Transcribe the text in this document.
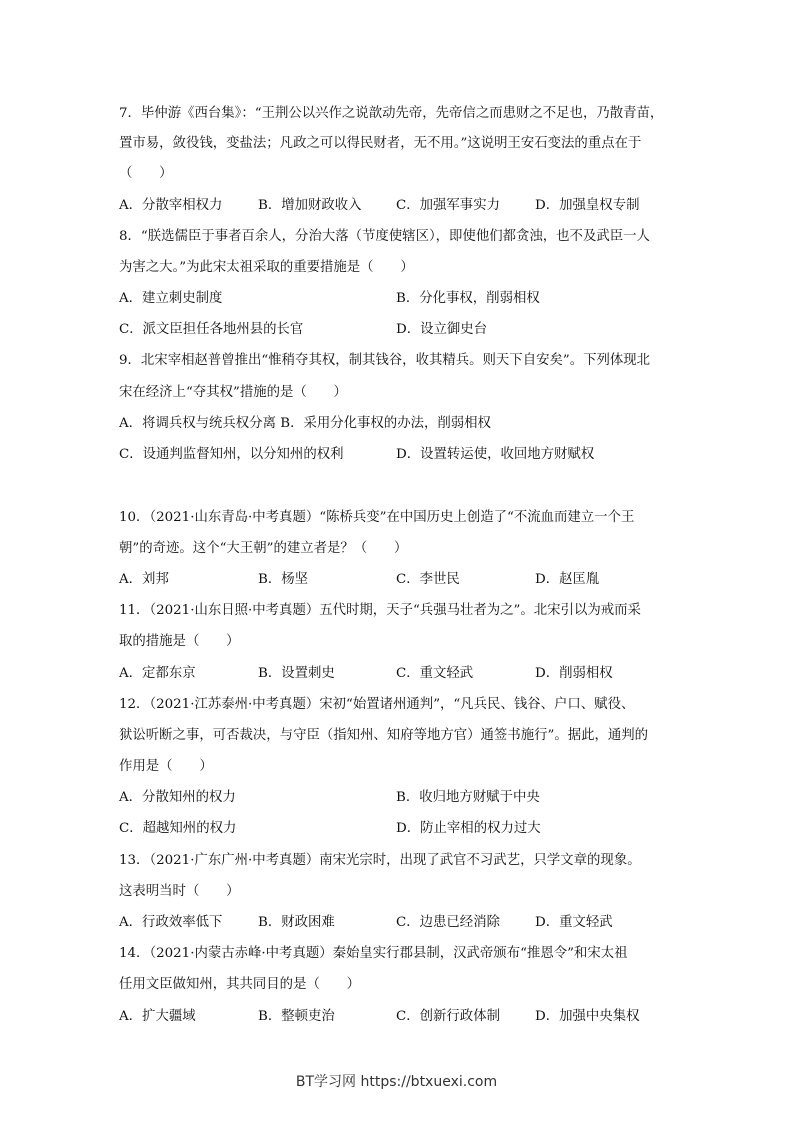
7．毕仲游《西台集》：“王荆公以兴作之说歆动先帝，先帝信之而患财之不足也，乃散青苗，
置市易，敛役钱，变盐法；凡政之可以得民财者，无不用。”这说明王安石变法的重点在于
（　　）
A．分散宰相权力	B．增加财政收入	C．加强军事实力	D．加强皇权专制
8．“朕选儒臣于事者百余人，分治大落（节度使辖区），即使他们都贪浊，也不及武臣一人
为害之大。”为此宋太祖采取的重要措施是（　　）
A．建立刺史制度	B．分化事权，削弱相权
C．派文臣担任各地州县的长官	D．设立御史台
9．北宋宰相赵普曾推出“惟稍夺其权，制其钱谷，收其精兵。则天下自安矣”。下列体现北
宋在经济上“夺其权”措施的是（　　）
A．将调兵权与统兵权分离 B．采用分化事权的办法，削弱相权
C．设通判监督知州，以分知州的权利	D．设置转运使，收回地方财赋权
10．（2021·山东青岛·中考真题）“陈桥兵变”在中国历史上创造了“不流血而建立一个王
朝”的奇迹。这个“大王朝”的建立者是？（　　）
A．刘邦	B．杨坚	C．李世民	D．赵匡胤
11．（2021·山东日照·中考真题）五代时期，天子“兵强马壮者为之”。北宋引以为戒而采
取的措施是（　　）
A．定都东京	B．设置刺史	C．重文轻武	D．削弱相权
12．（2021·江苏泰州·中考真题）宋初“始置诸州通判”，“凡兵民、钱谷、户口、赋役、
狱讼听断之事，可否裁决，与守臣（指知州、知府等地方官）通签书施行”。据此，通判的
作用是（　　）
A．分散知州的权力	B．收归地方财赋于中央
C．超越知州的权力	D．防止宰相的权力过大
13．（2021·广东广州·中考真题）南宋光宗时，出现了武官不习武艺，只学文章的现象。
这表明当时（　　）
A．行政效率低下	B．财政困难	C．边患已经消除	D．重文轻武
14．（2021·内蒙古赤峰·中考真题）秦始皇实行郡县制，汉武帝颁布“推恩令”和宋太祖
任用文臣做知州，其共同目的是（　　）
A．扩大疆域	B．整顿吏治	C．创新行政体制	D．加强中央集权
BT学习网 https://btxuexi.com
